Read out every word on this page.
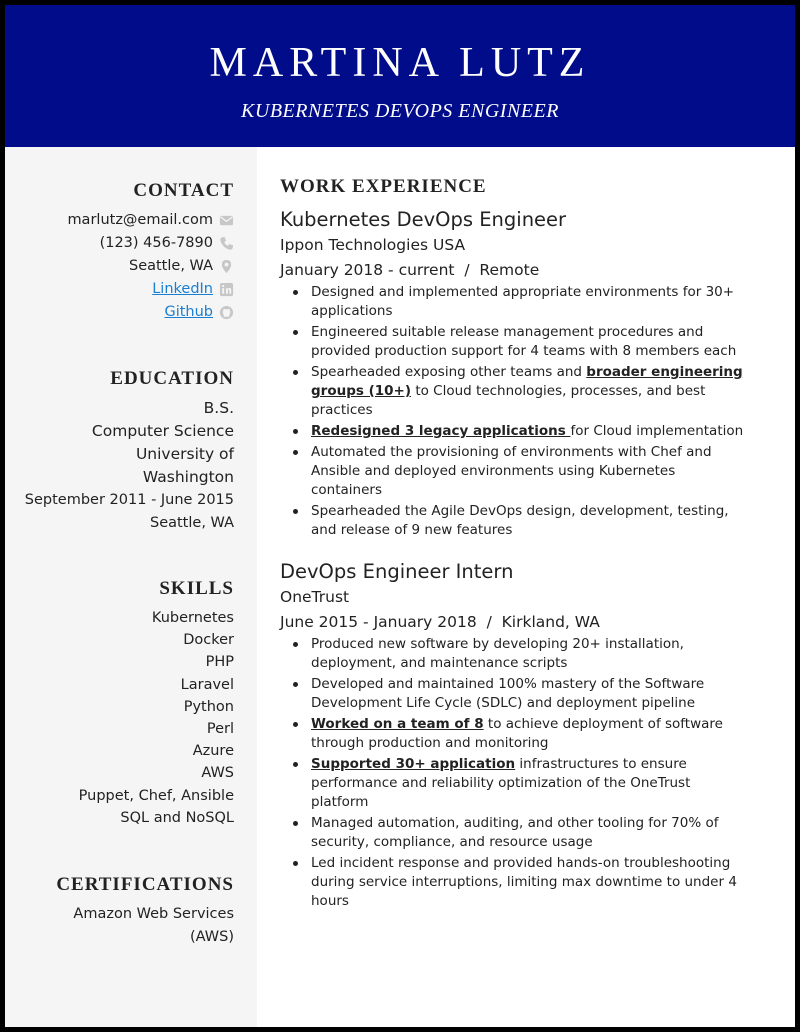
MARTINA LUTZ
KUBERNETES DEVOPS ENGINEER
CONTACT
marlutz@email.com
(123) 456-7890
Seattle, WA
LinkedIn
Github
EDUCATION
B.S.
Computer Science
University of
Washington
September 2011 - June 2015
Seattle, WA
SKILLS
Kubernetes
Docker
PHP
Laravel
Python
Perl
Azure
AWS
Puppet, Chef, Ansible
SQL and NoSQL
CERTIFICATIONS
Amazon Web Services
(AWS)
WORK EXPERIENCE
Kubernetes DevOps Engineer
Ippon Technologies USA
January 2018 - current  /  Remote
Designed and implemented appropriate environments for 30+ applications
Engineered suitable release management procedures and provided production support for 4 teams with 8 members each
Spearheaded exposing other teams and broader engineering groups (10+) to Cloud technologies, processes, and best practices
Redesigned 3 legacy applications for Cloud implementation
Automated the provisioning of environments with Chef and Ansible and deployed environments using Kubernetes containers
Spearheaded the Agile DevOps design, development, testing, and release of 9 new features
DevOps Engineer Intern
OneTrust
June 2015 - January 2018  /  Kirkland, WA
Produced new software by developing 20+ installation, deployment, and maintenance scripts
Developed and maintained 100% mastery of the Software Development Life Cycle (SDLC) and deployment pipeline
Worked on a team of 8 to achieve deployment of software through production and monitoring
Supported 30+ application infrastructures to ensure performance and reliability optimization of the OneTrust platform
Managed automation, auditing, and other tooling for 70% of security, compliance, and resource usage
Led incident response and provided hands-on troubleshooting during service interruptions, limiting max downtime to under 4 hours
